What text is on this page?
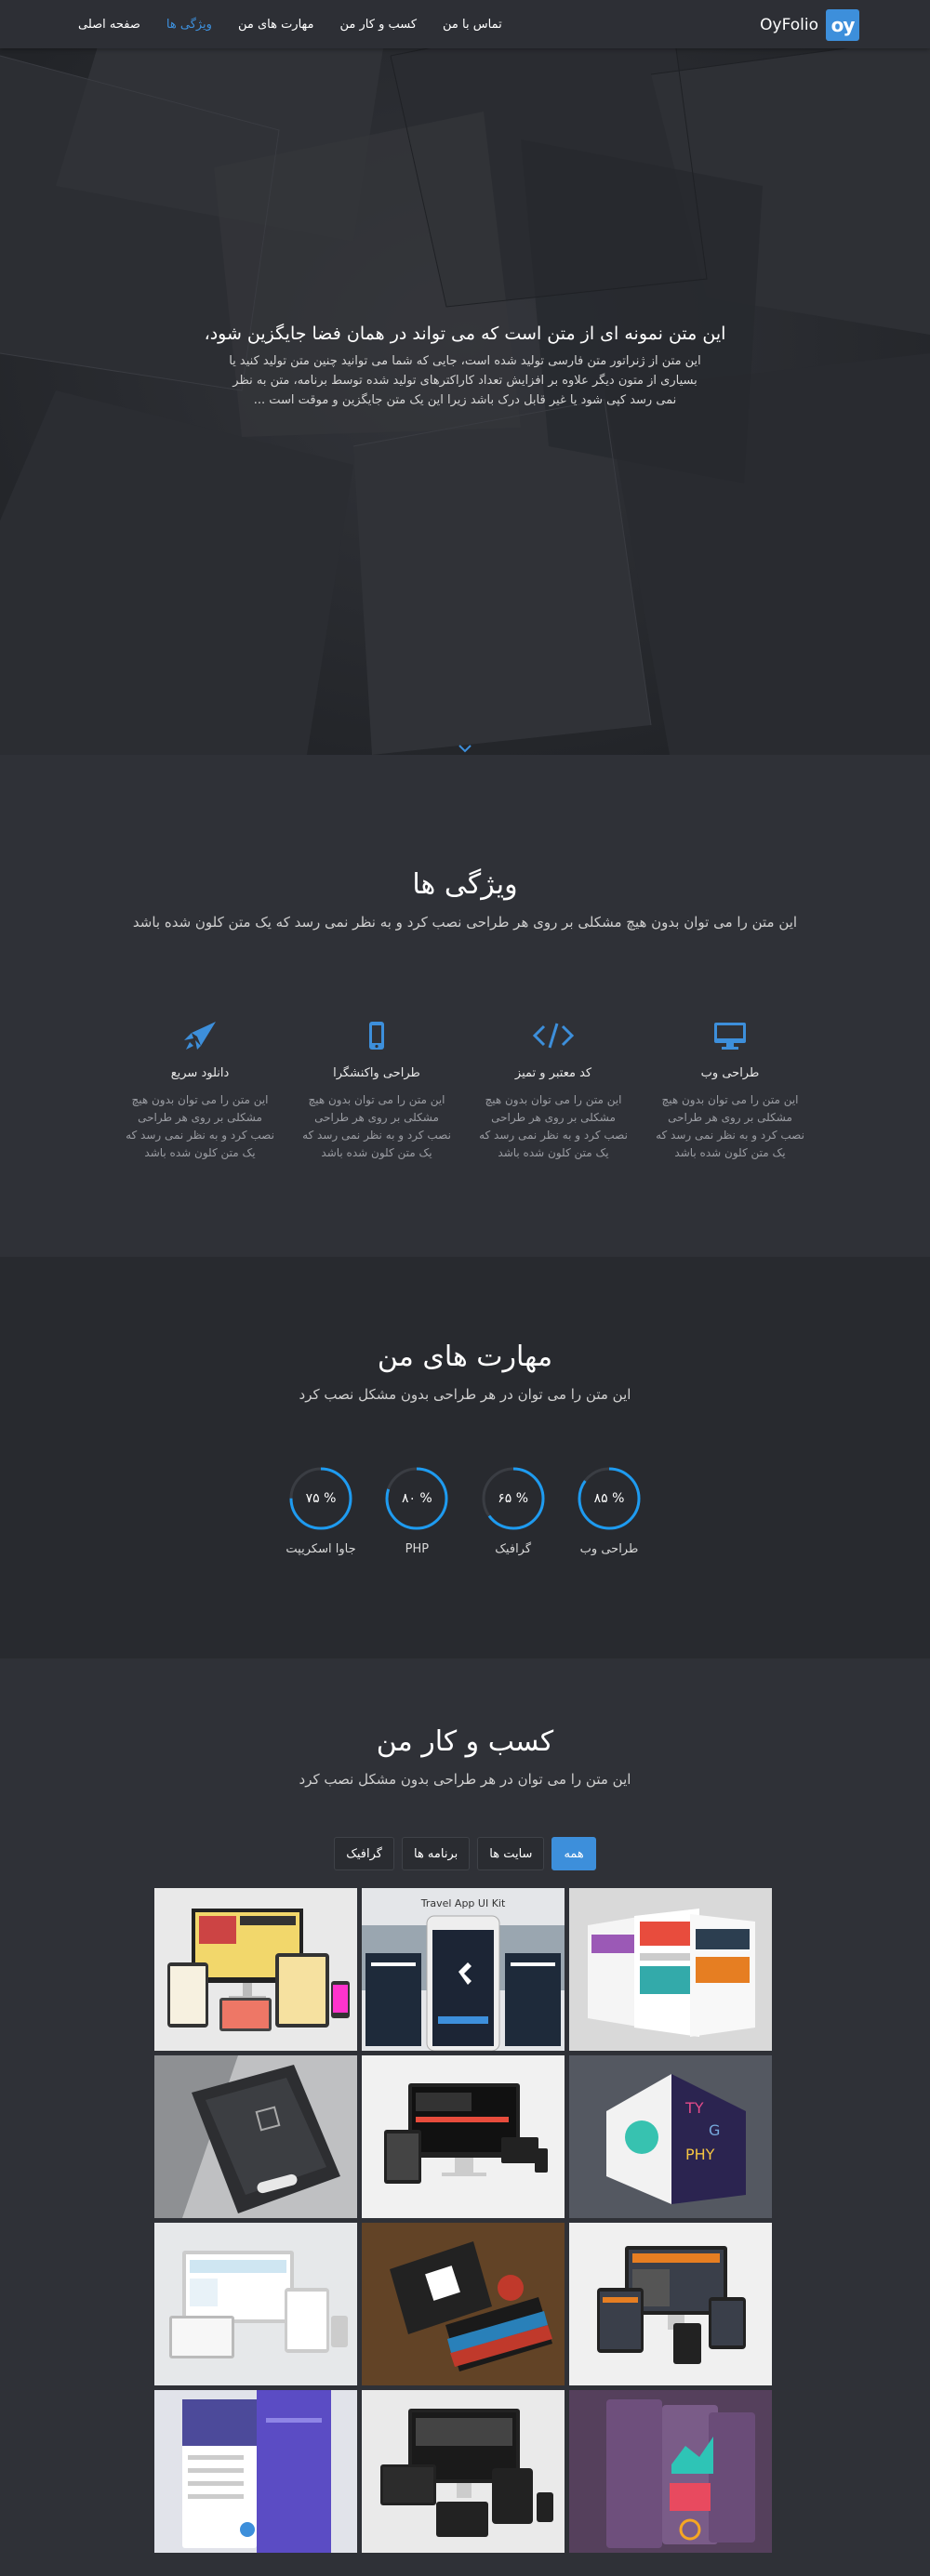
تماس با من
کسب و کار من
مهارت های من
ویژگی ها
صفحه اصلی	OyFolio oy
این متن نمونه ای از متن است که می تواند در همان فضا جایگزین شود،
این متن از ژنراتور متن فارسی تولید شده است، جایی که شما می توانید چنین متن تولید کنید یا بسیاری از متون دیگر علاوه بر افزایش تعداد کاراکترهای تولید شده توسط برنامه، متن به نظر نمی رسد کپی شود یا غیر قابل درک باشد زیرا این یک متن جایگزین و موقت است ...
ویژگی ها
این متن را می توان بدون هیچ مشکلی بر روی هر طراحی نصب کرد و به نظر نمی رسد که یک متن کلون شده باشد
طراحی وب
این متن را می توان بدون هیچ مشکلی بر روی هر طراحی نصب کرد و به نظر نمی رسد که یک متن کلون شده باشد
کد معتبر و تمیز
این متن را می توان بدون هیچ مشکلی بر روی هر طراحی نصب کرد و به نظر نمی رسد که یک متن کلون شده باشد
طراحی واکنشگرا
این متن را می توان بدون هیچ مشکلی بر روی هر طراحی نصب کرد و به نظر نمی رسد که یک متن کلون شده باشد
دانلود سریع
این متن را می توان بدون هیچ مشکلی بر روی هر طراحی نصب کرد و به نظر نمی رسد که یک متن کلون شده باشد
مهارت های من
این متن را می توان در هر طراحی بدون مشکل نصب کرد
% ۸۵
طراحی وب
% ۶۵
گرافیک
% ۸۰
PHP
% ۷۵
جاوا اسکریپت
کسب و کار من
این متن را می توان در هر طراحی بدون مشکل نصب کرد
همه
سایت ها
برنامه ها
گرافیک
Travel App UI Kit
TY
G
PHY
